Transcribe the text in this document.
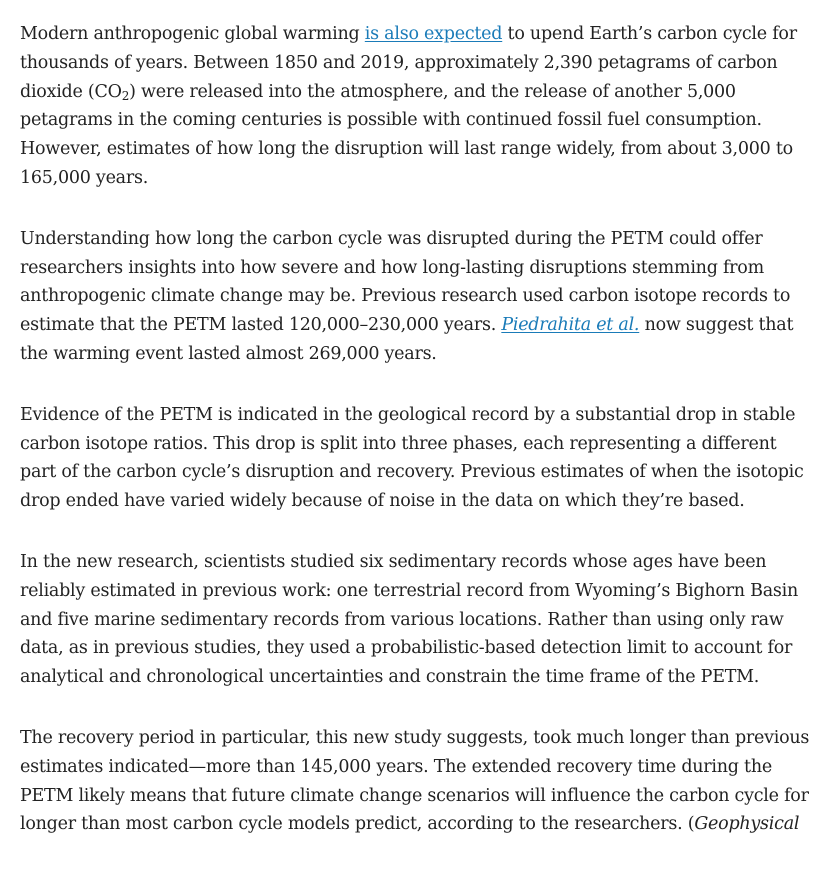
Modern anthropogenic global warming is also expected to upend Earth’s carbon cycle for thousands of years. Between 1850 and 2019, approximately 2,390 petagrams of carbon dioxide $(CO_2)$ were released into the atmosphere, and the release of another 5,000 petagrams in the coming centuries is possible with continued fossil fuel consumption. However, estimates of how long the disruption will last range widely, from about 3,000 to 165,000 years.

Understanding how long the carbon cycle was disrupted during the PETM could offer researchers insights into how severe and how long-lasting disruptions stemming from anthropogenic climate change may be. Previous research used carbon isotope records to estimate that the PETM lasted 120,000–230,000 years. Piedrahita et al. now suggest that the warming event lasted almost 269,000 years.

Evidence of the PETM is indicated in the geological record by a substantial drop in stable carbon isotope ratios. This drop is split into three phases, each representing a different part of the carbon cycle’s disruption and recovery. Previous estimates of when the isotopic drop ended have varied widely because of noise in the data on which they’re based.

In the new research, scientists studied six sedimentary records whose ages have been reliably estimated in previous work: one terrestrial record from Wyoming’s Bighorn Basin and five marine sedimentary records from various locations. Rather than using only raw data, as in previous studies, they used a probabilistic-based detection limit to account for analytical and chronological uncertainties and constrain the time frame of the PETM.

The recovery period in particular, this new study suggests, took much longer than previous estimates indicated—more than 145,000 years. The extended recovery time during the PETM likely means that future climate change scenarios will influence the carbon cycle for longer than most carbon cycle models predict, according to the researchers. (Geophysical
